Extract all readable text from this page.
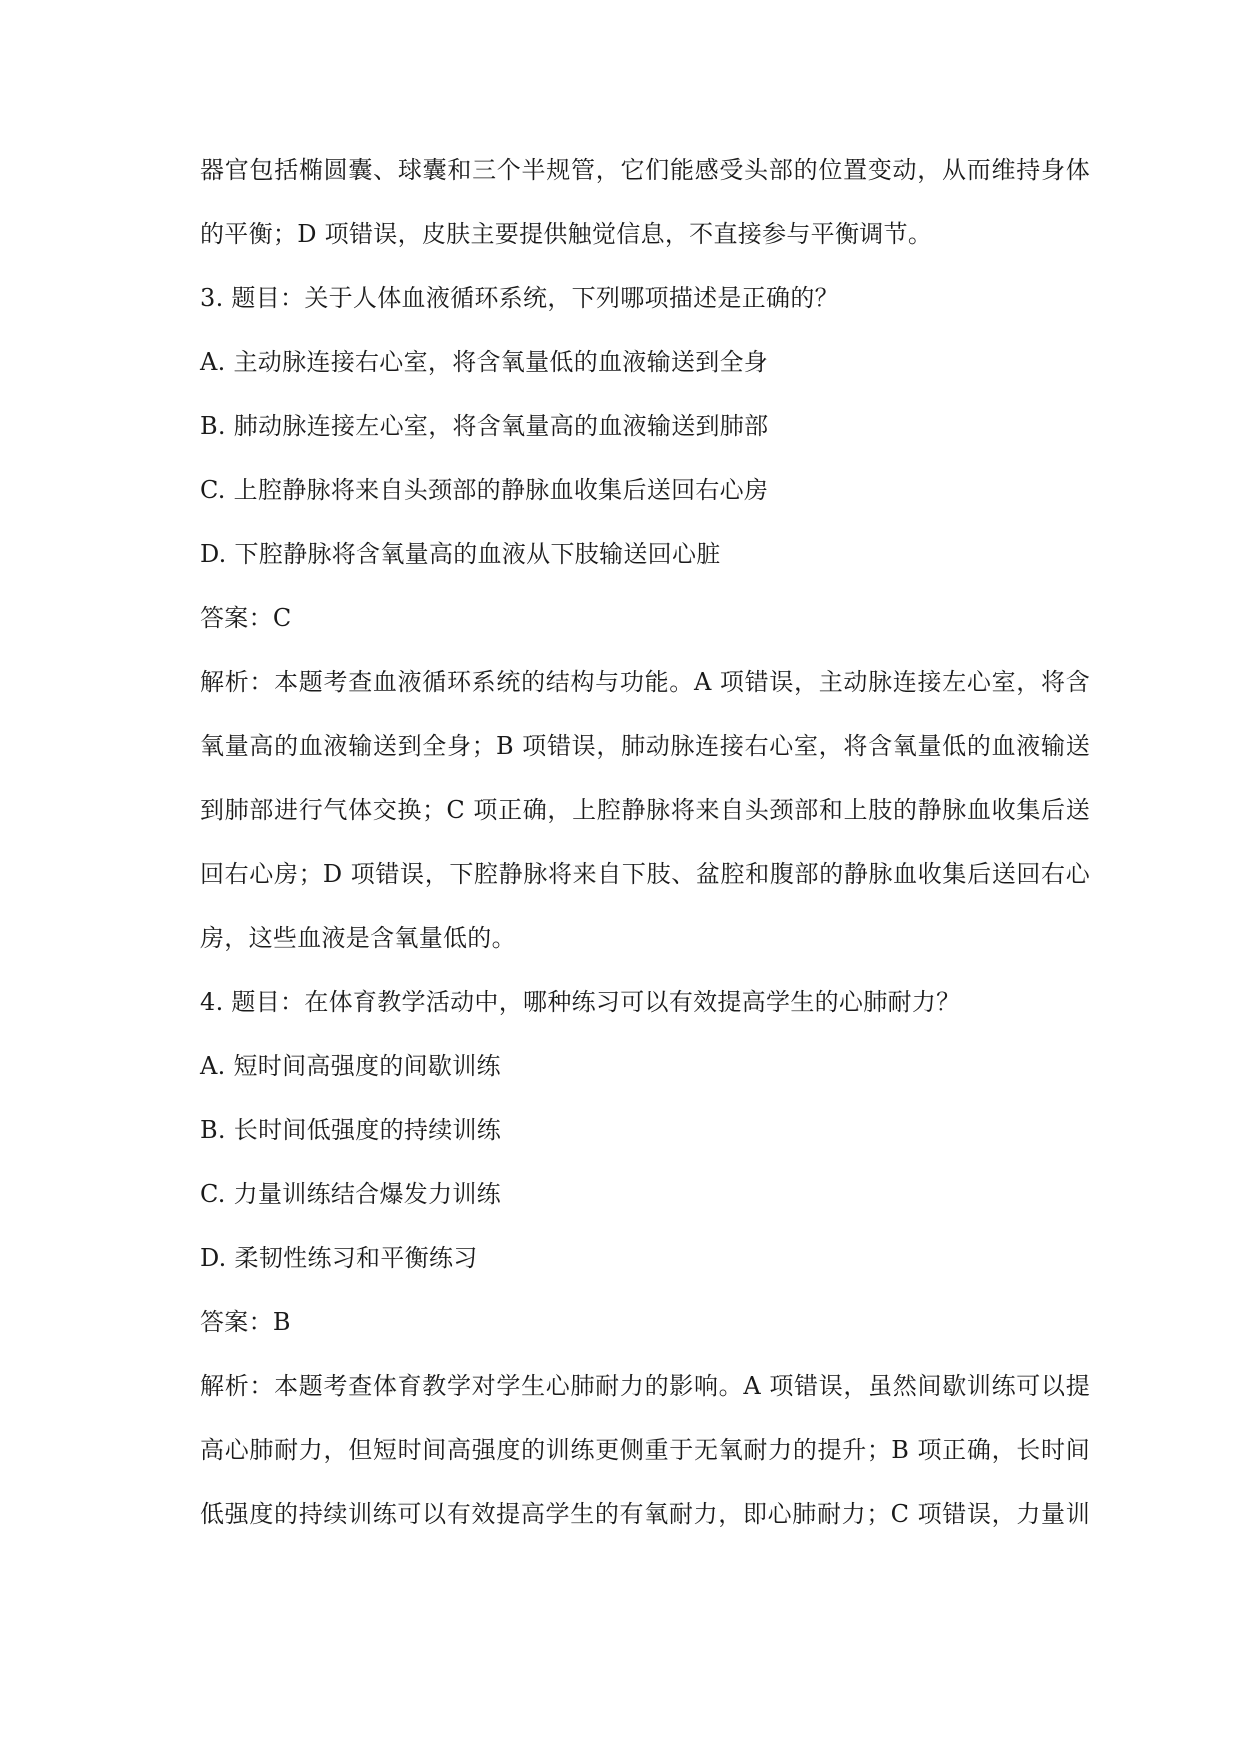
器官包括椭圆囊、球囊和三个半规管，它们能感受头部的位置变动，从而维持身体

的平衡；D 项错误，皮肤主要提供触觉信息，不直接参与平衡调节。

3. 题目：关于人体血液循环系统，下列哪项描述是正确的？

A. 主动脉连接右心室，将含氧量低的血液输送到全身

B. 肺动脉连接左心室，将含氧量高的血液输送到肺部

C. 上腔静脉将来自头颈部的静脉血收集后送回右心房

D. 下腔静脉将含氧量高的血液从下肢输送回心脏

答案：C

解析：本题考查血液循环系统的结构与功能。A 项错误，主动脉连接左心室，将含

氧量高的血液输送到全身；B 项错误，肺动脉连接右心室，将含氧量低的血液输送

到肺部进行气体交换；C 项正确，上腔静脉将来自头颈部和上肢的静脉血收集后送

回右心房；D 项错误，下腔静脉将来自下肢、盆腔和腹部的静脉血收集后送回右心

房，这些血液是含氧量低的。

4. 题目：在体育教学活动中，哪种练习可以有效提高学生的心肺耐力？

A. 短时间高强度的间歇训练

B. 长时间低强度的持续训练

C. 力量训练结合爆发力训练

D. 柔韧性练习和平衡练习

答案：B

解析：本题考查体育教学对学生心肺耐力的影响。A 项错误，虽然间歇训练可以提

高心肺耐力，但短时间高强度的训练更侧重于无氧耐力的提升；B 项正确，长时间

低强度的持续训练可以有效提高学生的有氧耐力，即心肺耐力；C 项错误，力量训
